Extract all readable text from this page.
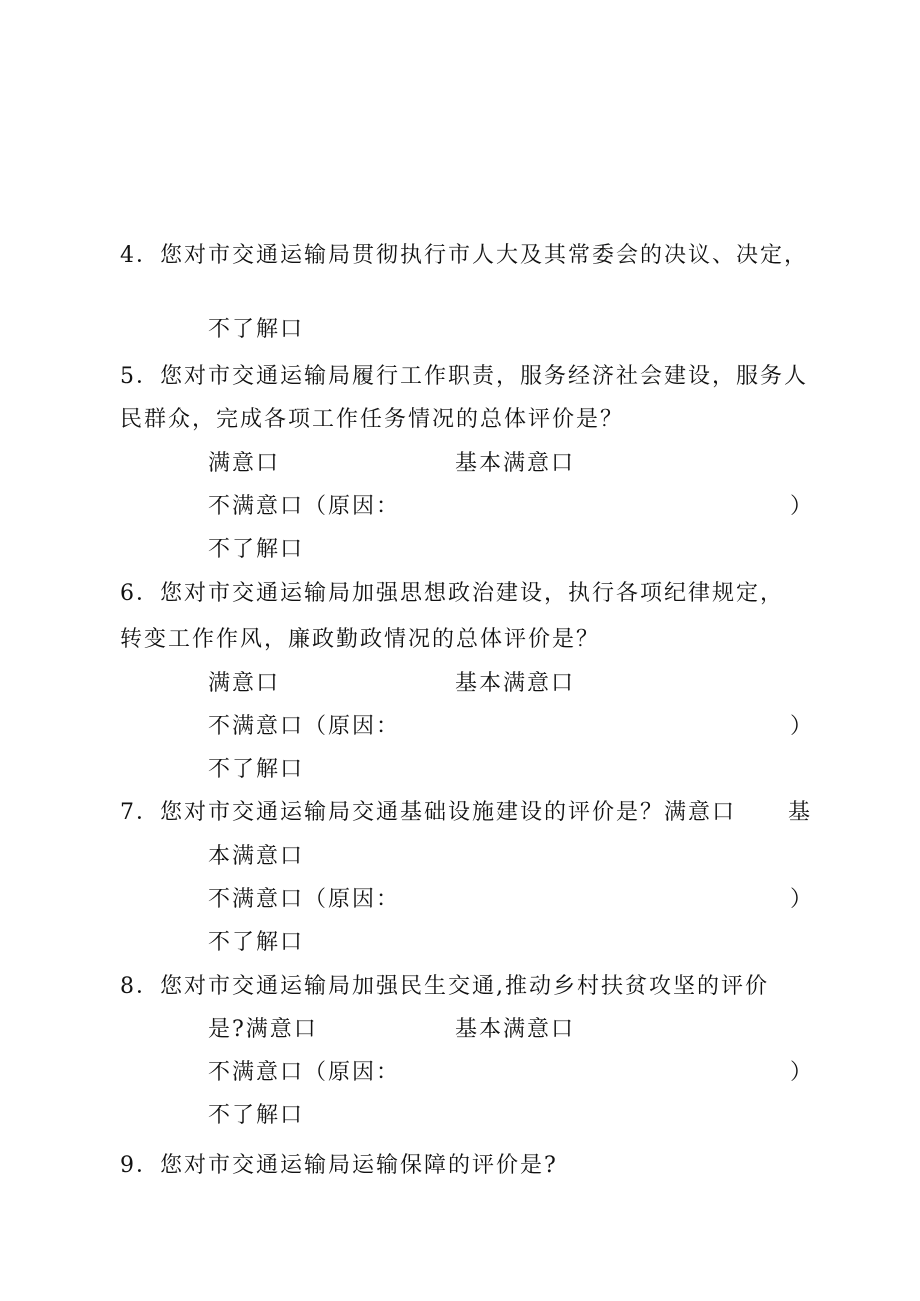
4．您对市交通运输局贯彻执行市人大及其常委会的决议、决定，
不了解口
5．您对市交通运输局履行工作职责，服务经济社会建设，服务人
民群众，完成各项工作任务情况的总体评价是？
满意口	基本满意口
不满意口（原因：	）
不了解口
6．您对市交通运输局加强思想政治建设，执行各项纪律规定，
转变工作作风，廉政勤政情况的总体评价是？
满意口	基本满意口
不满意口（原因：	）
不了解口
7．您对市交通运输局交通基础设施建设的评价是？满意口 基
本满意口
不满意口（原因：	）
不了解口
8．您对市交通运输局加强民生交通,推动乡村扶贫攻坚的评价
是?满意口	基本满意口
不满意口（原因：	）
不了解口
9．您对市交通运输局运输保障的评价是?
